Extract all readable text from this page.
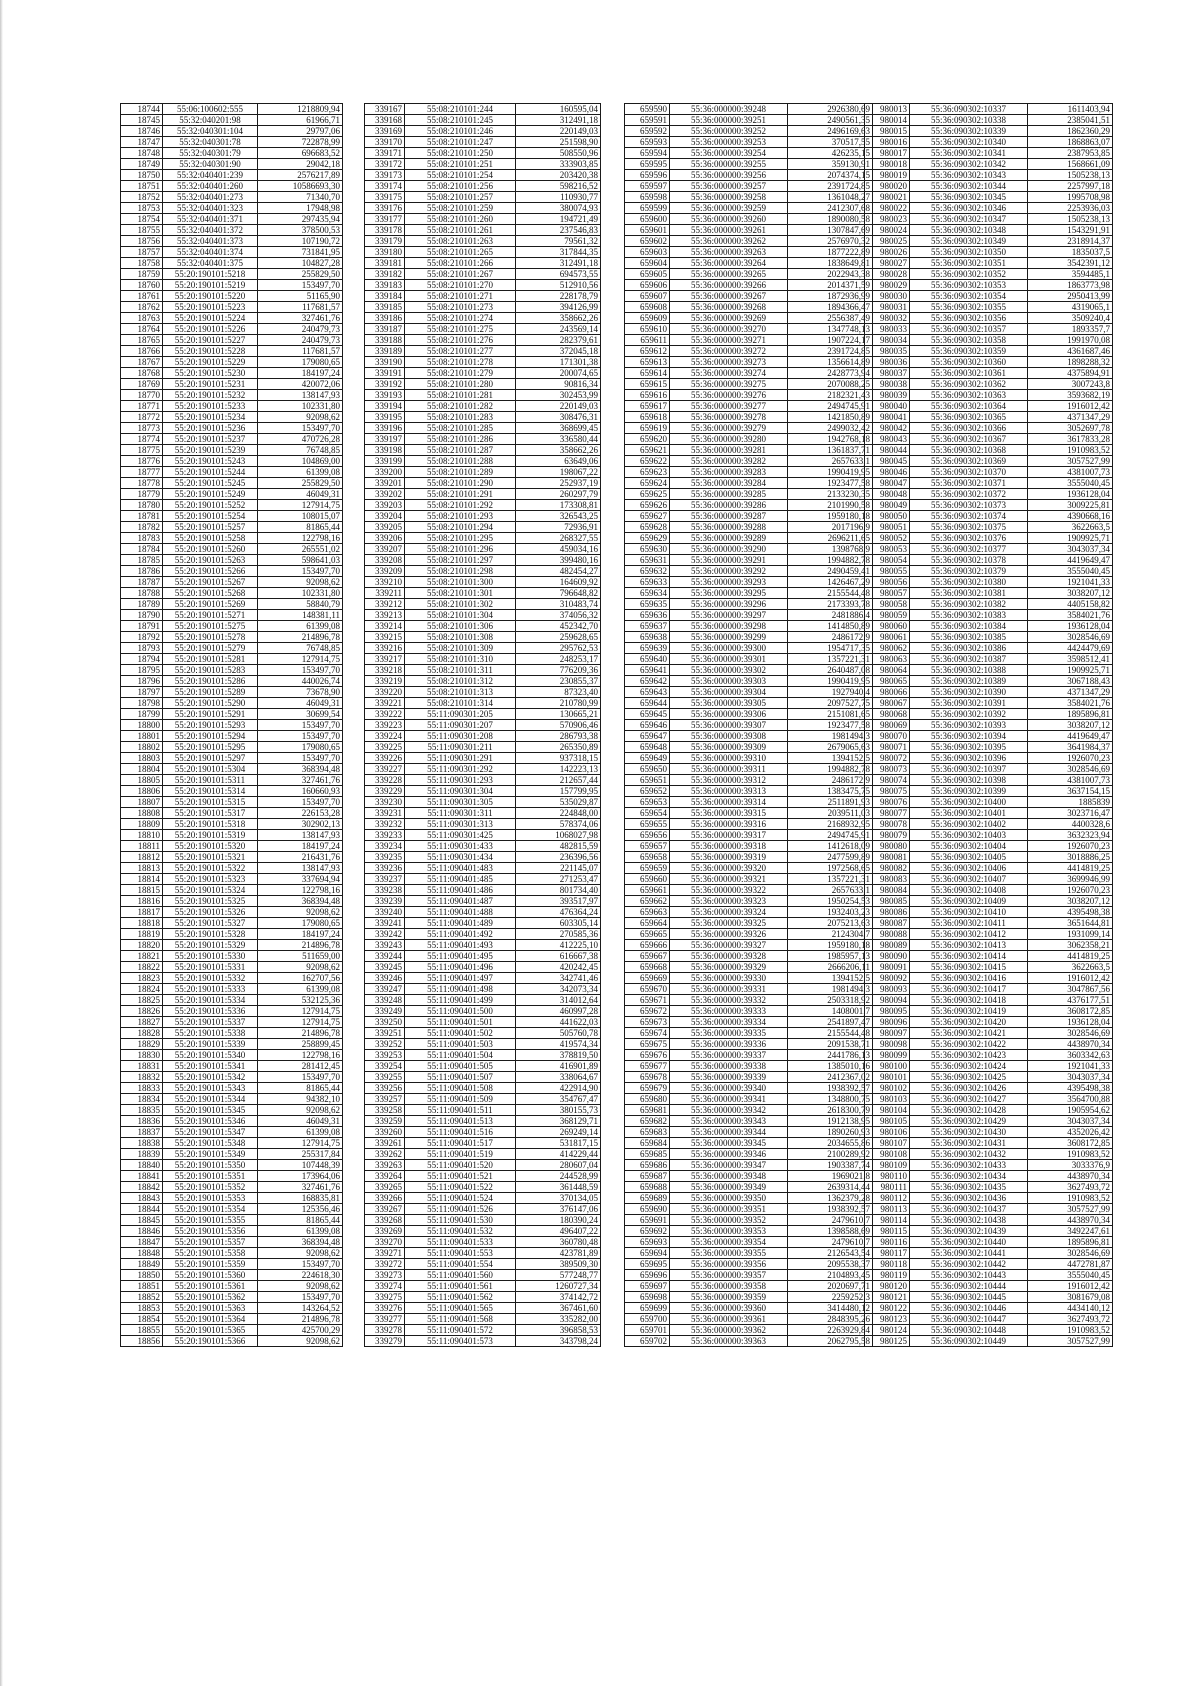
18744	55:06:100602:555	1218809,94
18745	55:32:040201:98	61966,71
18746	55:32:040301:104	29797,06
18747	55:32:040301:78	722878,99
18748	55:32:040301:79	696683,52
18749	55:32:040301:90	29042,18
18750	55:32:040401:239	2576217,89
18751	55:32:040401:260	10586693,30
18752	55:32:040401:273	71340,70
18753	55:32:040401:323	17948,98
18754	55:32:040401:371	297435,94
18755	55:32:040401:372	378500,53
18756	55:32:040401:373	107190,72
18757	55:32:040401:374	731841,95
18758	55:32:040401:375	104827,28
18759	55:20:190101:5218	255829,50
18760	55:20:190101:5219	153497,70
18761	55:20:190101:5220	51165,90
18762	55:20:190101:5223	117681,57
18763	55:20:190101:5224	327461,76
18764	55:20:190101:5226	240479,73
18765	55:20:190101:5227	240479,73
18766	55:20:190101:5228	117681,57
18767	55:20:190101:5229	179080,65
18768	55:20:190101:5230	184197,24
18769	55:20:190101:5231	420072,06
18770	55:20:190101:5232	138147,93
18771	55:20:190101:5233	102331,80
18772	55:20:190101:5234	92098,62
18773	55:20:190101:5236	153497,70
18774	55:20:190101:5237	470726,28
18775	55:20:190101:5239	76748,85
18776	55:20:190101:5243	104869,00
18777	55:20:190101:5244	61399,08
18778	55:20:190101:5245	255829,50
18779	55:20:190101:5249	46049,31
18780	55:20:190101:5252	127914,75
18781	55:20:190101:5254	108015,07
18782	55:20:190101:5257	81865,44
18783	55:20:190101:5258	122798,16
18784	55:20:190101:5260	265551,02
18785	55:20:190101:5263	598641,03
18786	55:20:190101:5266	153497,70
18787	55:20:190101:5267	92098,62
18788	55:20:190101:5268	102331,80
18789	55:20:190101:5269	58840,79
18790	55:20:190101:5271	148381,11
18791	55:20:190101:5275	61399,08
18792	55:20:190101:5278	214896,78
18793	55:20:190101:5279	76748,85
18794	55:20:190101:5281	127914,75
18795	55:20:190101:5283	153497,70
18796	55:20:190101:5286	440026,74
18797	55:20:190101:5289	73678,90
18798	55:20:190101:5290	46049,31
18799	55:20:190101:5291	30699,54
18800	55:20:190101:5293	153497,70
18801	55:20:190101:5294	153497,70
18802	55:20:190101:5295	179080,65
18803	55:20:190101:5297	153497,70
18804	55:20:190101:5304	368394,48
18805	55:20:190101:5311	327461,76
18806	55:20:190101:5314	160660,93
18807	55:20:190101:5315	153497,70
18808	55:20:190101:5317	226153,28
18809	55:20:190101:5318	302902,13
18810	55:20:190101:5319	138147,93
18811	55:20:190101:5320	184197,24
18812	55:20:190101:5321	216431,76
18813	55:20:190101:5322	138147,93
18814	55:20:190101:5323	337694,94
18815	55:20:190101:5324	122798,16
18816	55:20:190101:5325	368394,48
18817	55:20:190101:5326	92098,62
18818	55:20:190101:5327	179080,65
18819	55:20:190101:5328	184197,24
18820	55:20:190101:5329	214896,78
18821	55:20:190101:5330	511659,00
18822	55:20:190101:5331	92098,62
18823	55:20:190101:5332	162707,56
18824	55:20:190101:5333	61399,08
18825	55:20:190101:5334	532125,36
18826	55:20:190101:5336	127914,75
18827	55:20:190101:5337	127914,75
18828	55:20:190101:5338	214896,78
18829	55:20:190101:5339	258899,45
18830	55:20:190101:5340	122798,16
18831	55:20:190101:5341	281412,45
18832	55:20:190101:5342	153497,70
18833	55:20:190101:5343	81865,44
18834	55:20:190101:5344	94382,10
18835	55:20:190101:5345	92098,62
18836	55:20:190101:5346	46049,31
18837	55:20:190101:5347	61399,08
18838	55:20:190101:5348	127914,75
18839	55:20:190101:5349	255317,84
18840	55:20:190101:5350	107448,39
18841	55:20:190101:5351	173964,06
18842	55:20:190101:5352	327461,76
18843	55:20:190101:5353	168835,81
18844	55:20:190101:5354	125356,46
18845	55:20:190101:5355	81865,44
18846	55:20:190101:5356	61399,08
18847	55:20:190101:5357	368394,48
18848	55:20:190101:5358	92098,62
18849	55:20:190101:5359	153497,70
18850	55:20:190101:5360	224618,30
18851	55:20:190101:5361	92098,62
18852	55:20:190101:5362	153497,70
18853	55:20:190101:5363	143264,52
18854	55:20:190101:5364	214896,78
18855	55:20:190101:5365	425700,29
18856	55:20:190101:5366	92098,62
339167	55:08:210101:244	160595,04
339168	55:08:210101:245	312491,18
339169	55:08:210101:246	220149,03
339170	55:08:210101:247	251598,90
339171	55:08:210101:250	508550,96
339172	55:08:210101:251	333903,85
339173	55:08:210101:254	203420,38
339174	55:08:210101:256	598216,52
339175	55:08:210101:257	110930,77
339176	55:08:210101:259	380074,93
339177	55:08:210101:260	194721,49
339178	55:08:210101:261	237546,83
339179	55:08:210101:263	79561,32
339180	55:08:210101:265	317844,35
339181	55:08:210101:266	312491,18
339182	55:08:210101:267	694573,55
339183	55:08:210101:270	512910,56
339184	55:08:210101:271	228178,79
339185	55:08:210101:273	394126,99
339186	55:08:210101:274	358662,26
339187	55:08:210101:275	243569,14
339188	55:08:210101:276	282379,61
339189	55:08:210101:277	372045,18
339190	55:08:210101:278	171301,38
339191	55:08:210101:279	200074,65
339192	55:08:210101:280	90816,34
339193	55:08:210101:281	302453,99
339194	55:08:210101:282	220149,03
339195	55:08:210101:283	308476,31
339196	55:08:210101:285	368699,45
339197	55:08:210101:286	336580,44
339198	55:08:210101:287	358662,26
339199	55:08:210101:288	63649,06
339200	55:08:210101:289	198067,22
339201	55:08:210101:290	252937,19
339202	55:08:210101:291	260297,79
339203	55:08:210101:292	173308,81
339204	55:08:210101:293	326543,25
339205	55:08:210101:294	72936,91
339206	55:08:210101:295	268327,55
339207	55:08:210101:296	459034,16
339208	55:08:210101:297	399480,16
339209	55:08:210101:298	482454,27
339210	55:08:210101:300	164609,92
339211	55:08:210101:301	796648,82
339212	55:08:210101:302	310483,74
339213	55:08:210101:304	374056,32
339214	55:08:210101:306	452342,70
339215	55:08:210101:308	259628,65
339216	55:08:210101:309	295762,53
339217	55:08:210101:310	248253,17
339218	55:08:210101:311	776209,36
339219	55:08:210101:312	230855,37
339220	55:08:210101:313	87323,40
339221	55:08:210101:314	210780,99
339222	55:11:090301:205	130665,21
339223	55:11:090301:207	570906,46
339224	55:11:090301:208	286793,38
339225	55:11:090301:211	265350,89
339226	55:11:090301:291	937318,15
339227	55:11:090301:292	142223,13
339228	55:11:090301:293	212657,44
339229	55:11:090301:304	157799,95
339230	55:11:090301:305	535029,87
339231	55:11:090301:311	224848,00
339232	55:11:090301:313	578374,06
339233	55:11:090301:425	1068027,98
339234	55:11:090301:433	482815,59
339235	55:11:090301:434	236396,56
339236	55:11:090401:483	221145,07
339237	55:11:090401:485	271253,47
339238	55:11:090401:486	801734,40
339239	55:11:090401:487	393517,97
339240	55:11:090401:488	476364,24
339241	55:11:090401:489	603305,14
339242	55:11:090401:492	270585,36
339243	55:11:090401:493	412225,10
339244	55:11:090401:495	616667,38
339245	55:11:090401:496	420242,45
339246	55:11:090401:497	342741,46
339247	55:11:090401:498	342073,34
339248	55:11:090401:499	314012,64
339249	55:11:090401:500	460997,28
339250	55:11:090401:501	441622,03
339251	55:11:090401:502	505760,78
339252	55:11:090401:503	419574,34
339253	55:11:090401:504	378819,50
339254	55:11:090401:505	416901,89
339255	55:11:090401:507	338064,67
339256	55:11:090401:508	422914,90
339257	55:11:090401:509	354767,47
339258	55:11:090401:511	380155,73
339259	55:11:090401:513	368129,71
339260	55:11:090401:516	269249,14
339261	55:11:090401:517	531817,15
339262	55:11:090401:519	414229,44
339263	55:11:090401:520	280607,04
339264	55:11:090401:521	244528,99
339265	55:11:090401:522	361448,59
339266	55:11:090401:524	370134,05
339267	55:11:090401:526	376147,06
339268	55:11:090401:530	180390,24
339269	55:11:090401:532	496407,22
339270	55:11:090401:533	360780,48
339271	55:11:090401:553	423781,89
339272	55:11:090401:554	389509,30
339273	55:11:090401:560	577248,77
339274	55:11:090401:561	1260727,34
339275	55:11:090401:562	374142,72
339276	55:11:090401:565	367461,60
339277	55:11:090401:568	335282,00
339278	55:11:090401:572	396858,53
339279	55:11:090401:573	343798,24
659590	55:36:000000:39248	2926380,69
659591	55:36:000000:39251	2490561,35
659592	55:36:000000:39252	2496169,63
659593	55:36:000000:39253	370517,55
659594	55:36:000000:39254	426235,15
659595	55:36:000000:39255	359130,91
659596	55:36:000000:39256	2074374,15
659597	55:36:000000:39257	2391724,85
659598	55:36:000000:39258	1361048,27
659599	55:36:000000:39259	2412307,68
659600	55:36:000000:39260	1890080,58
659601	55:36:000000:39261	1307847,69
659602	55:36:000000:39262	2576970,32
659603	55:36:000000:39263	1877222,89
659604	55:36:000000:39264	1838649,81
659605	55:36:000000:39265	2022943,38
659606	55:36:000000:39266	2014371,59
659607	55:36:000000:39267	1872936,99
659608	55:36:000000:39268	1894366,47
659609	55:36:000000:39269	2556387,49
659610	55:36:000000:39270	1347748,13
659611	55:36:000000:39271	1907224,17
659612	55:36:000000:39272	2391724,85
659613	55:36:000000:39273	1356614,89
659614	55:36:000000:39274	2428773,94
659615	55:36:000000:39275	2070088,25
659616	55:36:000000:39276	2182321,43
659617	55:36:000000:39277	2494745,91
659618	55:36:000000:39278	1421850,89
659619	55:36:000000:39279	2499032,42
659620	55:36:000000:39280	1942768,18
659621	55:36:000000:39281	1361837,71
659622	55:36:000000:39282	2657633,1
659623	55:36:000000:39283	1990419,95
659624	55:36:000000:39284	1923477,58
659625	55:36:000000:39285	2133230,35
659626	55:36:000000:39286	2101990,58
659627	55:36:000000:39287	1959180,18
659628	55:36:000000:39288	2017196,9
659629	55:36:000000:39289	2696211,65
659630	55:36:000000:39290	1398768,9
659631	55:36:000000:39291	1994882,78
659632	55:36:000000:39292	2490459,41
659633	55:36:000000:39293	1426467,29
659634	55:36:000000:39295	2155544,48
659635	55:36:000000:39296	2173393,78
659636	55:36:000000:39297	2481886,4
659637	55:36:000000:39298	1414850,89
659638	55:36:000000:39299	2486172,9
659639	55:36:000000:39300	1954717,35
659640	55:36:000000:39301	1357221,31
659641	55:36:000000:39302	2640487,08
659642	55:36:000000:39303	1990419,95
659643	55:36:000000:39304	1927940,4
659644	55:36:000000:39305	2097527,75
659645	55:36:000000:39306	2151081,65
659646	55:36:000000:39307	1923477,58
659647	55:36:000000:39308	1981494,3
659648	55:36:000000:39309	2679065,63
659649	55:36:000000:39310	1394152,5
659650	55:36:000000:39311	1994882,78
659651	55:36:000000:39312	2486172,9
659652	55:36:000000:39313	1383475,75
659653	55:36:000000:39314	2511891,93
659654	55:36:000000:39315	2039511,03
659655	55:36:000000:39316	2168932,95
659656	55:36:000000:39317	2494745,91
659657	55:36:000000:39318	1412618,09
659658	55:36:000000:39319	2477599,89
659659	55:36:000000:39320	1972568,65
659660	55:36:000000:39321	1357221,31
659661	55:36:000000:39322	2657633,1
659662	55:36:000000:39323	1950254,53
659663	55:36:000000:39324	1932403,23
659664	55:36:000000:39325	2075213,63
659665	55:36:000000:39326	2124304,7
659666	55:36:000000:39327	1959180,18
659667	55:36:000000:39328	1985957,13
659668	55:36:000000:39329	2666206,11
659669	55:36:000000:39330	1394152,5
659670	55:36:000000:39331	1981494,3
659671	55:36:000000:39332	2503318,92
659672	55:36:000000:39333	1408001,7
659673	55:36:000000:39334	2541897,47
659674	55:36:000000:39335	2155544,48
659675	55:36:000000:39336	2091538,71
659676	55:36:000000:39337	2441786,13
659677	55:36:000000:39338	1385010,16
659678	55:36:000000:39339	2412367,02
659679	55:36:000000:39340	1938392,57
659680	55:36:000000:39341	1348800,75
659681	55:36:000000:39342	2618300,79
659682	55:36:000000:39343	1912138,95
659683	55:36:000000:39344	1890260,93
659684	55:36:000000:39345	2034655,86
659685	55:36:000000:39346	2100289,92
659686	55:36:000000:39347	1903387,74
659687	55:36:000000:39348	1969021,8
659688	55:36:000000:39349	2639314,44
659689	55:36:000000:39350	1362379,28
659690	55:36:000000:39351	1938392,57
659691	55:36:000000:39352	2479610,7
659692	55:36:000000:39353	1398588,69
659693	55:36:000000:39354	2479610,7
659694	55:36:000000:39355	2126543,54
659695	55:36:000000:39356	2095538,37
659696	55:36:000000:39357	2104893,45
659697	55:36:000000:39358	2020697,71
659698	55:36:000000:39359	2259252,3
659699	55:36:000000:39360	3414480,12
659700	55:36:000000:39361	2848395,26
659701	55:36:000000:39362	2263929,84
659702	55:36:000000:39363	2062795,58
980013	55:36:090302:10337	1611403,94
980014	55:36:090302:10338	2385041,51
980015	55:36:090302:10339	1862360,29
980016	55:36:090302:10340	1868863,07
980017	55:36:090302:10341	2387953,85
980018	55:36:090302:10342	1568661,09
980019	55:36:090302:10343	1505238,13
980020	55:36:090302:10344	2257997,18
980021	55:36:090302:10345	1995708,98
980022	55:36:090302:10346	2253936,03
980023	55:36:090302:10347	1505238,13
980024	55:36:090302:10348	1543291,91
980025	55:36:090302:10349	2318914,37
980026	55:36:090302:10350	1835037,5
980027	55:36:090302:10351	3542391,12
980028	55:36:090302:10352	3594485,1
980029	55:36:090302:10353	1863773,98
980030	55:36:090302:10354	2950413,99
980031	55:36:090302:10355	4319065,1
980032	55:36:090302:10356	3509240,4
980033	55:36:090302:10357	1893357,7
980034	55:36:090302:10358	1991970,08
980035	55:36:090302:10359	4361687,46
980036	55:36:090302:10360	1898288,32
980037	55:36:090302:10361	4375894,91
980038	55:36:090302:10362	3007243,8
980039	55:36:090302:10363	3593682,19
980040	55:36:090302:10364	1916012,42
980041	55:36:090302:10365	4371347,29
980042	55:36:090302:10366	3052697,78
980043	55:36:090302:10367	3617833,28
980044	55:36:090302:10368	1910983,52
980045	55:36:090302:10369	3057527,99
980046	55:36:090302:10370	4381007,73
980047	55:36:090302:10371	3555040,45
980048	55:36:090302:10372	1936128,04
980049	55:36:090302:10373	3009225,81
980050	55:36:090302:10374	4390668,16
980051	55:36:090302:10375	3622663,5
980052	55:36:090302:10376	1909925,71
980053	55:36:090302:10377	3043037,34
980054	55:36:090302:10378	4419649,47
980055	55:36:090302:10379	3555040,45
980056	55:36:090302:10380	1921041,33
980057	55:36:090302:10381	3038207,12
980058	55:36:090302:10382	4405158,82
980059	55:36:090302:10383	3584021,76
980060	55:36:090302:10384	1936128,04
980061	55:36:090302:10385	3028546,69
980062	55:36:090302:10386	4424479,69
980063	55:36:090302:10387	3598512,41
980064	55:36:090302:10388	1909925,71
980065	55:36:090302:10389	3067188,43
980066	55:36:090302:10390	4371347,29
980067	55:36:090302:10391	3584021,76
980068	55:36:090302:10392	1895896,81
980069	55:36:090302:10393	3038207,12
980070	55:36:090302:10394	4419649,47
980071	55:36:090302:10395	3641984,37
980072	55:36:090302:10396	1926070,23
980073	55:36:090302:10397	3028546,69
980074	55:36:090302:10398	4381007,73
980075	55:36:090302:10399	3637154,15
980076	55:36:090302:10400	1885839
980077	55:36:090302:10401	3023716,47
980078	55:36:090302:10402	4400328,6
980079	55:36:090302:10403	3632323,94
980080	55:36:090302:10404	1926070,23
980081	55:36:090302:10405	3018886,25
980082	55:36:090302:10406	4414819,25
980083	55:36:090302:10407	3699946,99
980084	55:36:090302:10408	1926070,23
980085	55:36:090302:10409	3038207,12
980086	55:36:090302:10410	4395498,38
980087	55:36:090302:10411	3651644,81
980088	55:36:090302:10412	1931099,14
980089	55:36:090302:10413	3062358,21
980090	55:36:090302:10414	4414819,25
980091	55:36:090302:10415	3622663,5
980092	55:36:090302:10416	1916012,42
980093	55:36:090302:10417	3047867,56
980094	55:36:090302:10418	4376177,51
980095	55:36:090302:10419	3608172,85
980096	55:36:090302:10420	1936128,04
980097	55:36:090302:10421	3028546,69
980098	55:36:090302:10422	4438970,34
980099	55:36:090302:10423	3603342,63
980100	55:36:090302:10424	1921041,33
980101	55:36:090302:10425	3043037,34
980102	55:36:090302:10426	4395498,38
980103	55:36:090302:10427	3564700,88
980104	55:36:090302:10428	1905954,62
980105	55:36:090302:10429	3043037,34
980106	55:36:090302:10430	4352026,42
980107	55:36:090302:10431	3608172,85
980108	55:36:090302:10432	1910983,52
980109	55:36:090302:10433	3033376,9
980110	55:36:090302:10434	4438970,34
980111	55:36:090302:10435	3627493,72
980112	55:36:090302:10436	1910983,52
980113	55:36:090302:10437	3057527,99
980114	55:36:090302:10438	4438970,34
980115	55:36:090302:10439	3492247,61
980116	55:36:090302:10440	1895896,81
980117	55:36:090302:10441	3028546,69
980118	55:36:090302:10442	4472781,87
980119	55:36:090302:10443	3555040,45
980120	55:36:090302:10444	1916012,42
980121	55:36:090302:10445	3081679,08
980122	55:36:090302:10446	4434140,12
980123	55:36:090302:10447	3627493,72
980124	55:36:090302:10448	1910983,52
980125	55:36:090302:10449	3057527,99
